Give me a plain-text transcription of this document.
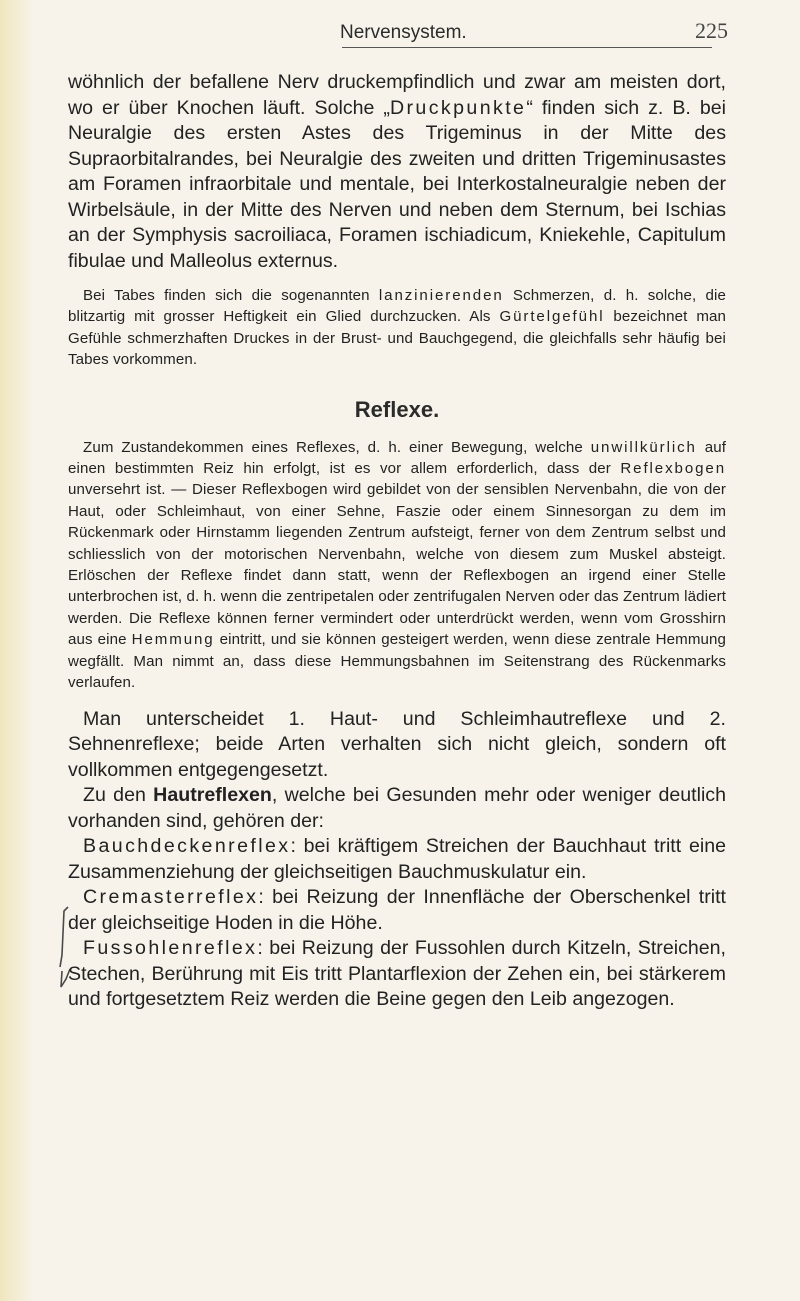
Nervensystem.	225

wöhnlich der befallene Nerv druckempfindlich und zwar am meisten dort, wo er über Knochen läuft. Solche „Druckpunkte“ finden sich z. B. bei Neuralgie des ersten Astes des Trigeminus in der Mitte des Supraorbitalrandes, bei Neuralgie des zweiten und dritten Trigeminusastes am Foramen infraorbitale und mentale, bei Interkostalneuralgie neben der Wirbelsäule, in der Mitte des Nerven und neben dem Sternum, bei Ischias an der Symphysis sacroiliaca, Foramen ischiadicum, Kniekehle, Capitulum fibulae und Malleolus externus.

Bei Tabes finden sich die sogenannten lanzinierenden Schmerzen, d. h. solche, die blitzartig mit grosser Heftigkeit ein Glied durchzucken. Als Gürtelgefühl bezeichnet man Gefühle schmerzhaften Druckes in der Brust- und Bauchgegend, die gleichfalls sehr häufig bei Tabes vorkommen.

Reflexe.

Zum Zustandekommen eines Reflexes, d. h. einer Bewegung, welche unwillkürlich auf einen bestimmten Reiz hin erfolgt, ist es vor allem erforderlich, dass der Reflexbogen unversehrt ist. — Dieser Reflexbogen wird gebildet von der sensiblen Nervenbahn, die von der Haut, oder Schleimhaut, von einer Sehne, Faszie oder einem Sinnesorgan zu dem im Rückenmark oder Hirnstamm liegenden Zentrum aufsteigt, ferner von dem Zentrum selbst und schliesslich von der motorischen Nervenbahn, welche von diesem zum Muskel absteigt. Erlöschen der Reflexe findet dann statt, wenn der Reflexbogen an irgend einer Stelle unterbrochen ist, d. h. wenn die zentripetalen oder zentrifugalen Nerven oder das Zentrum lädiert werden. Die Reflexe können ferner vermindert oder unterdrückt werden, wenn vom Grosshirn aus eine Hemmung eintritt, und sie können gesteigert werden, wenn diese zentrale Hemmung wegfällt. Man nimmt an, dass diese Hemmungsbahnen im Seitenstrang des Rückenmarks verlaufen.

Man unterscheidet 1. Haut- und Schleimhautreflexe und 2. Sehnenreflexe; beide Arten verhalten sich nicht gleich, sondern oft vollkommen entgegengesetzt.

Zu den Hautreflexen, welche bei Gesunden mehr oder weniger deutlich vorhanden sind, gehören der:

Bauchdeckenreflex: bei kräftigem Streichen der Bauchhaut tritt eine Zusammenziehung der gleichseitigen Bauchmuskulatur ein.

Cremasterreflex: bei Reizung der Innenfläche der Oberschenkel tritt der gleichseitige Hoden in die Höhe.

Fussohlenreflex: bei Reizung der Fussohlen durch Kitzeln, Streichen, Stechen, Berührung mit Eis tritt Plantarflexion der Zehen ein, bei stärkerem und fortgesetztem Reiz werden die Beine gegen den Leib angezogen.
